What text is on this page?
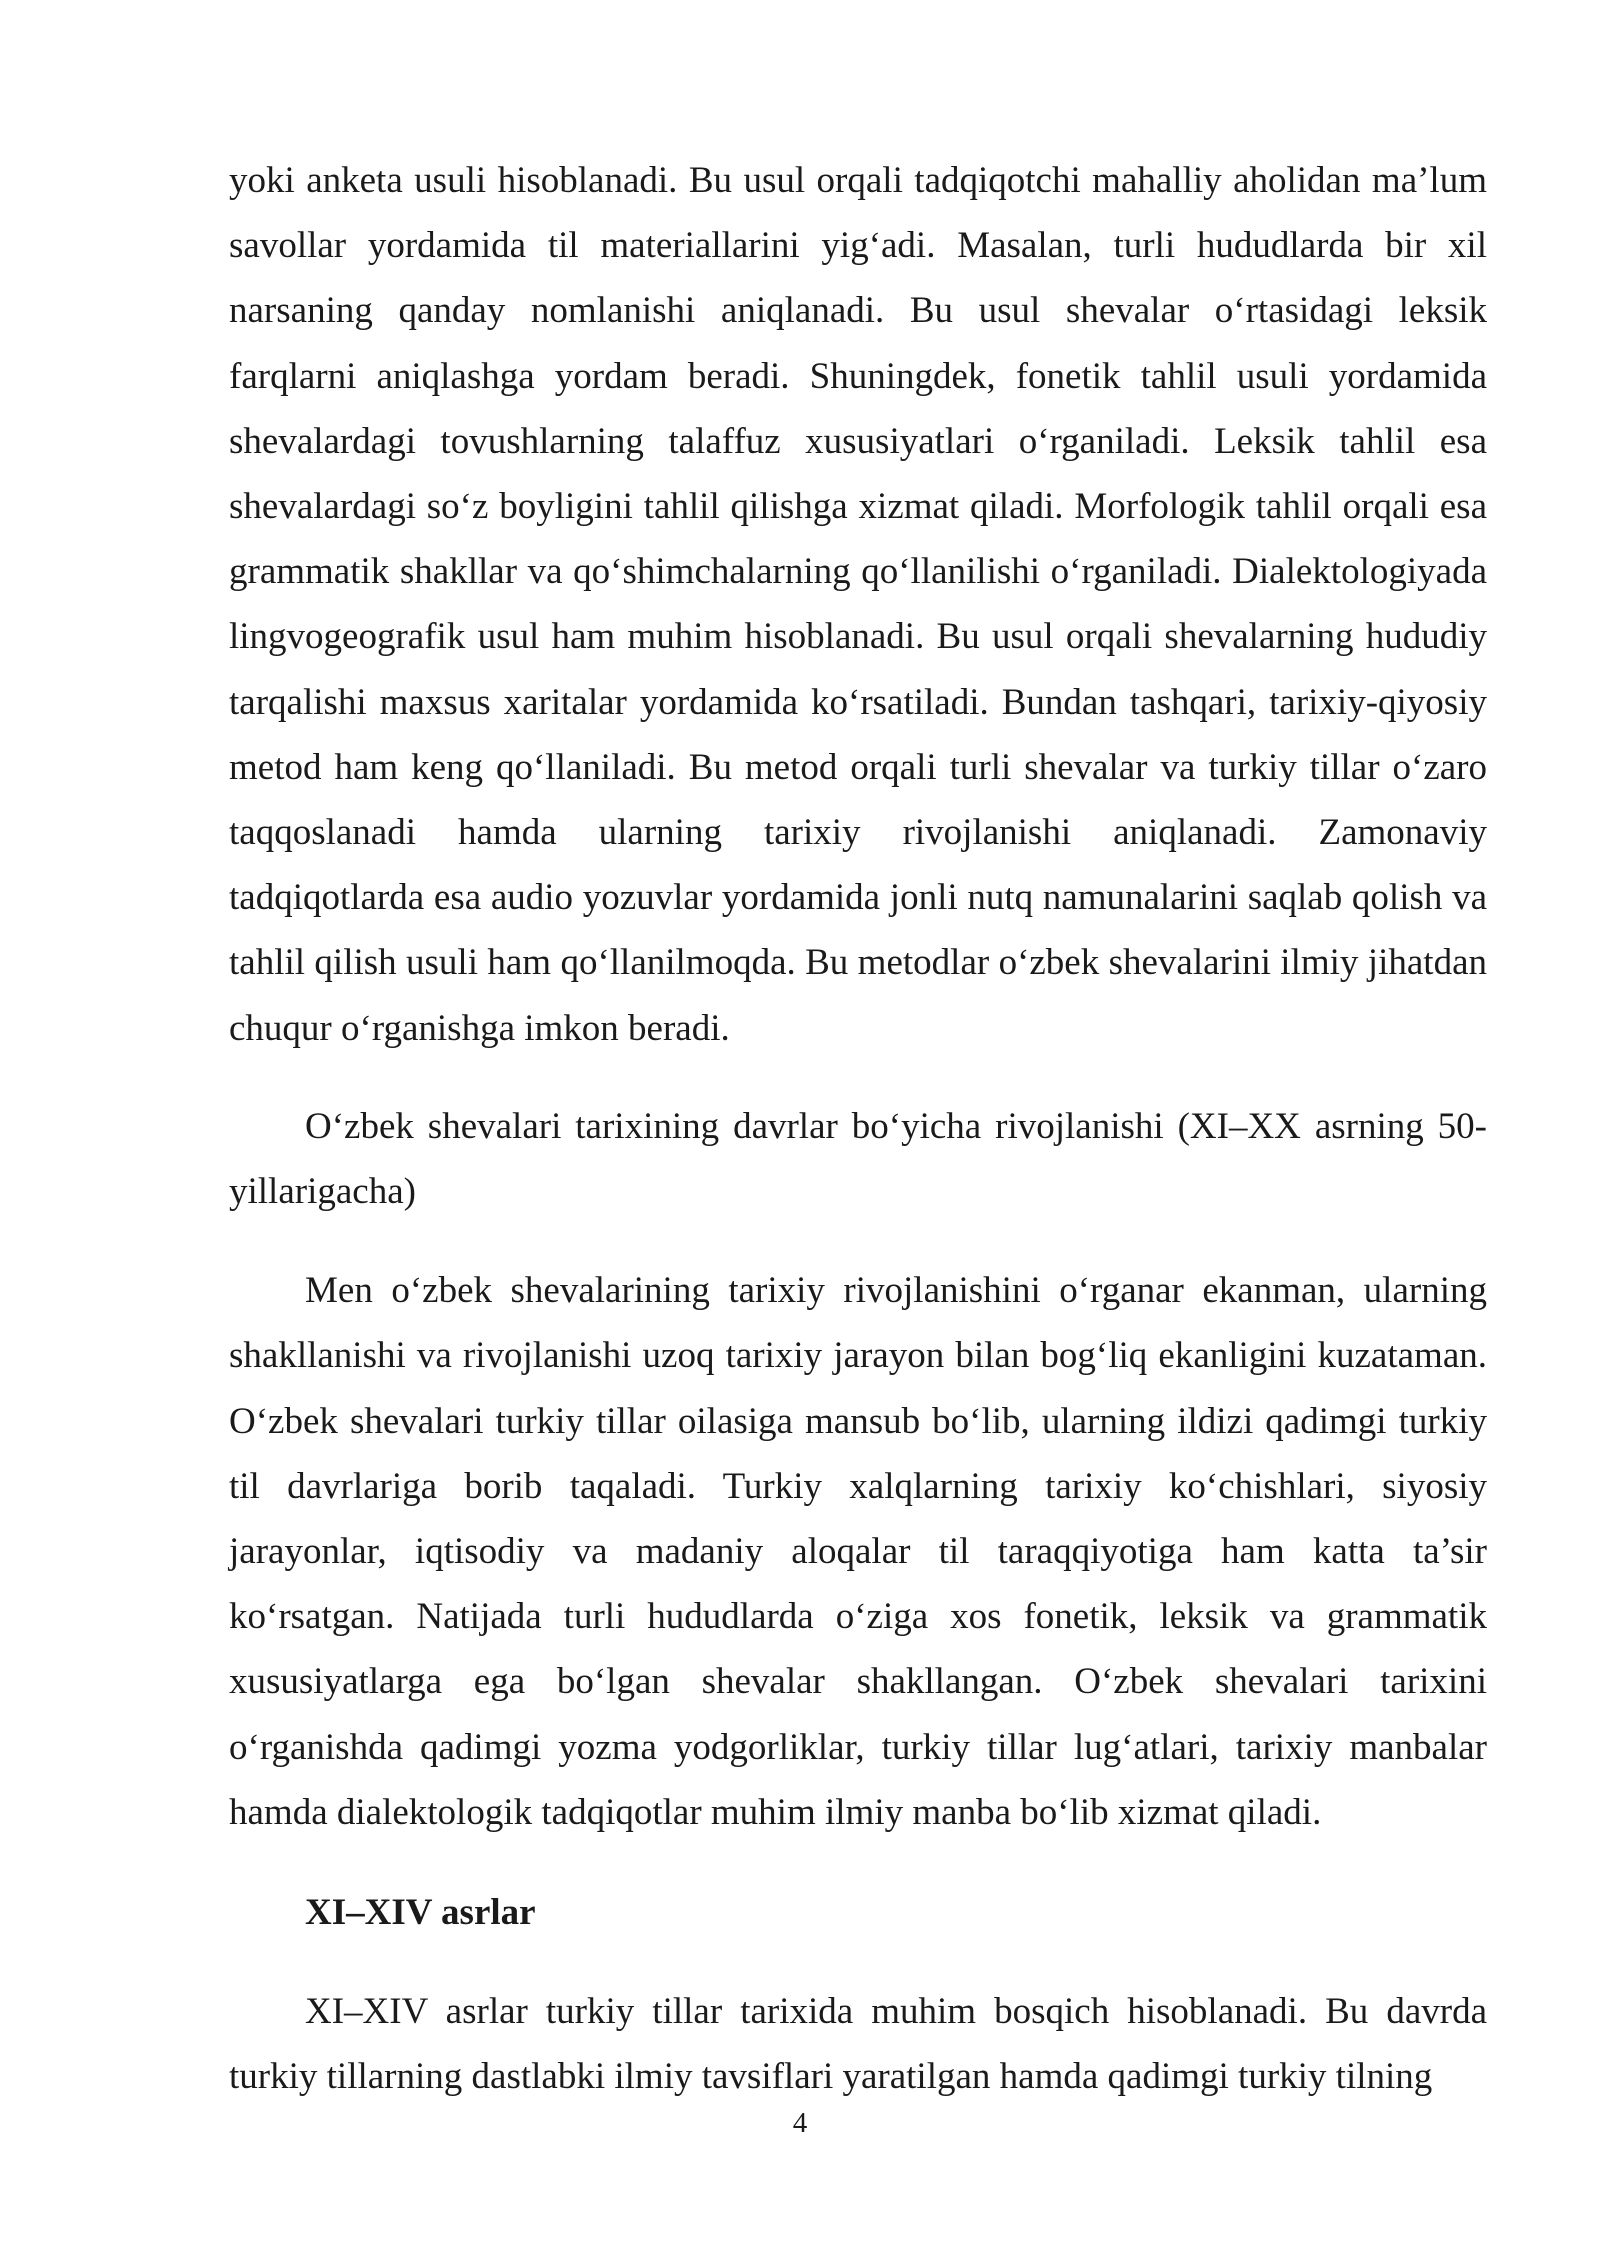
yoki anketa usuli hisoblanadi. Bu usul orqali tadqiqotchi mahalliy aholidan ma’lum savollar yordamida til materiallarini yig‘adi. Masalan, turli hududlarda bir xil narsaning qanday nomlanishi aniqlanadi. Bu usul shevalar o‘rtasidagi leksik farqlarni aniqlashga yordam beradi. Shuningdek, fonetik tahlil usuli yordamida shevalardagi tovushlarning talaffuz xususiyatlari o‘rganiladi. Leksik tahlil esa shevalardagi so‘z boyligini tahlil qilishga xizmat qiladi. Morfologik tahlil orqali esa grammatik shakllar va qo‘shimchalarning qo‘llanilishi o‘rganiladi. Dialektologiyada lingvogeografik usul ham muhim hisoblanadi. Bu usul orqali shevalarning hududiy tarqalishi maxsus xaritalar yordamida ko‘rsatiladi. Bundan tashqari, tarixiy-qiyosiy metod ham keng qo‘llaniladi. Bu metod orqali turli shevalar va turkiy tillar o‘zaro taqqoslanadi hamda ularning tarixiy rivojlanishi aniqlanadi. Zamonaviy tadqiqotlarda esa audio yozuvlar yordamida jonli nutq namunalarini saqlab qolish va tahlil qilish usuli ham qo‘llanilmoqda. Bu metodlar o‘zbek shevalarini ilmiy jihatdan chuqur o‘rganishga imkon beradi.

O‘zbek shevalari tarixining davrlar bo‘yicha rivojlanishi (XI–XX asrning 50-yillarigacha)

Men o‘zbek shevalarining tarixiy rivojlanishini o‘rganar ekanman, ularning shakllanishi va rivojlanishi uzoq tarixiy jarayon bilan bog‘liq ekanligini kuzataman. O‘zbek shevalari turkiy tillar oilasiga mansub bo‘lib, ularning ildizi qadimgi turkiy til davrlariga borib taqaladi. Turkiy xalqlarning tarixiy ko‘chishlari, siyosiy jarayonlar, iqtisodiy va madaniy aloqalar til taraqqiyotiga ham katta ta’sir ko‘rsatgan. Natijada turli hududlarda o‘ziga xos fonetik, leksik va grammatik xususiyatlarga ega bo‘lgan shevalar shakllangan. O‘zbek shevalari tarixini o‘rganishda qadimgi yozma yodgorliklar, turkiy tillar lug‘atlari, tarixiy manbalar hamda dialektologik tadqiqotlar muhim ilmiy manba bo‘lib xizmat qiladi.

XI–XIV asrlar

XI–XIV asrlar turkiy tillar tarixida muhim bosqich hisoblanadi. Bu davrda turkiy tillarning dastlabki ilmiy tavsiflari yaratilgan hamda qadimgi turkiy tilning

4
